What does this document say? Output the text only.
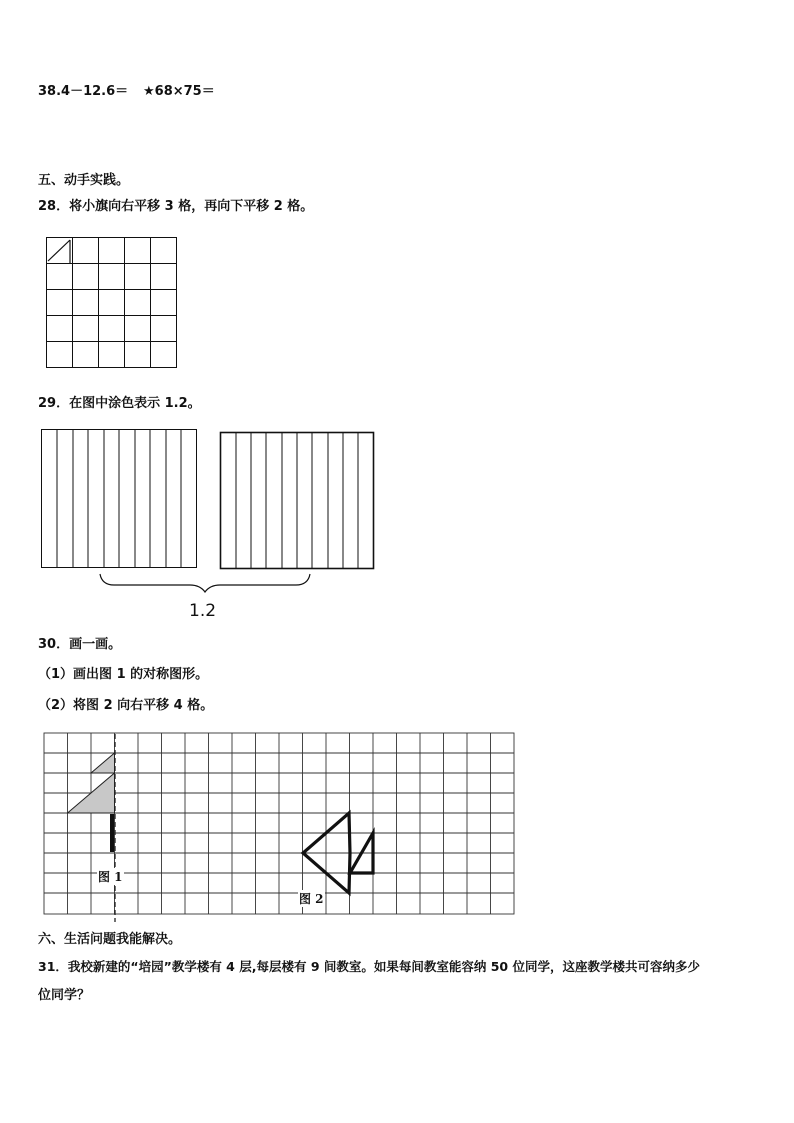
38.4－12.6＝ ★68×75＝
五、动手实践。
28．将小旗向右平移 3 格，再向下平移 2 格。
29．在图中涂色表示 1.2。
1.2
30．画一画。
（1）画出图 1 的对称图形。
（2）将图 2 向右平移 4 格。
图 1
图 2
六、生活问题我能解决。
31．我校新建的“培园”教学楼有 4 层,每层楼有 9 间教室。如果每间教室能容纳 50 位同学，这座教学楼共可容纳多少
位同学？
